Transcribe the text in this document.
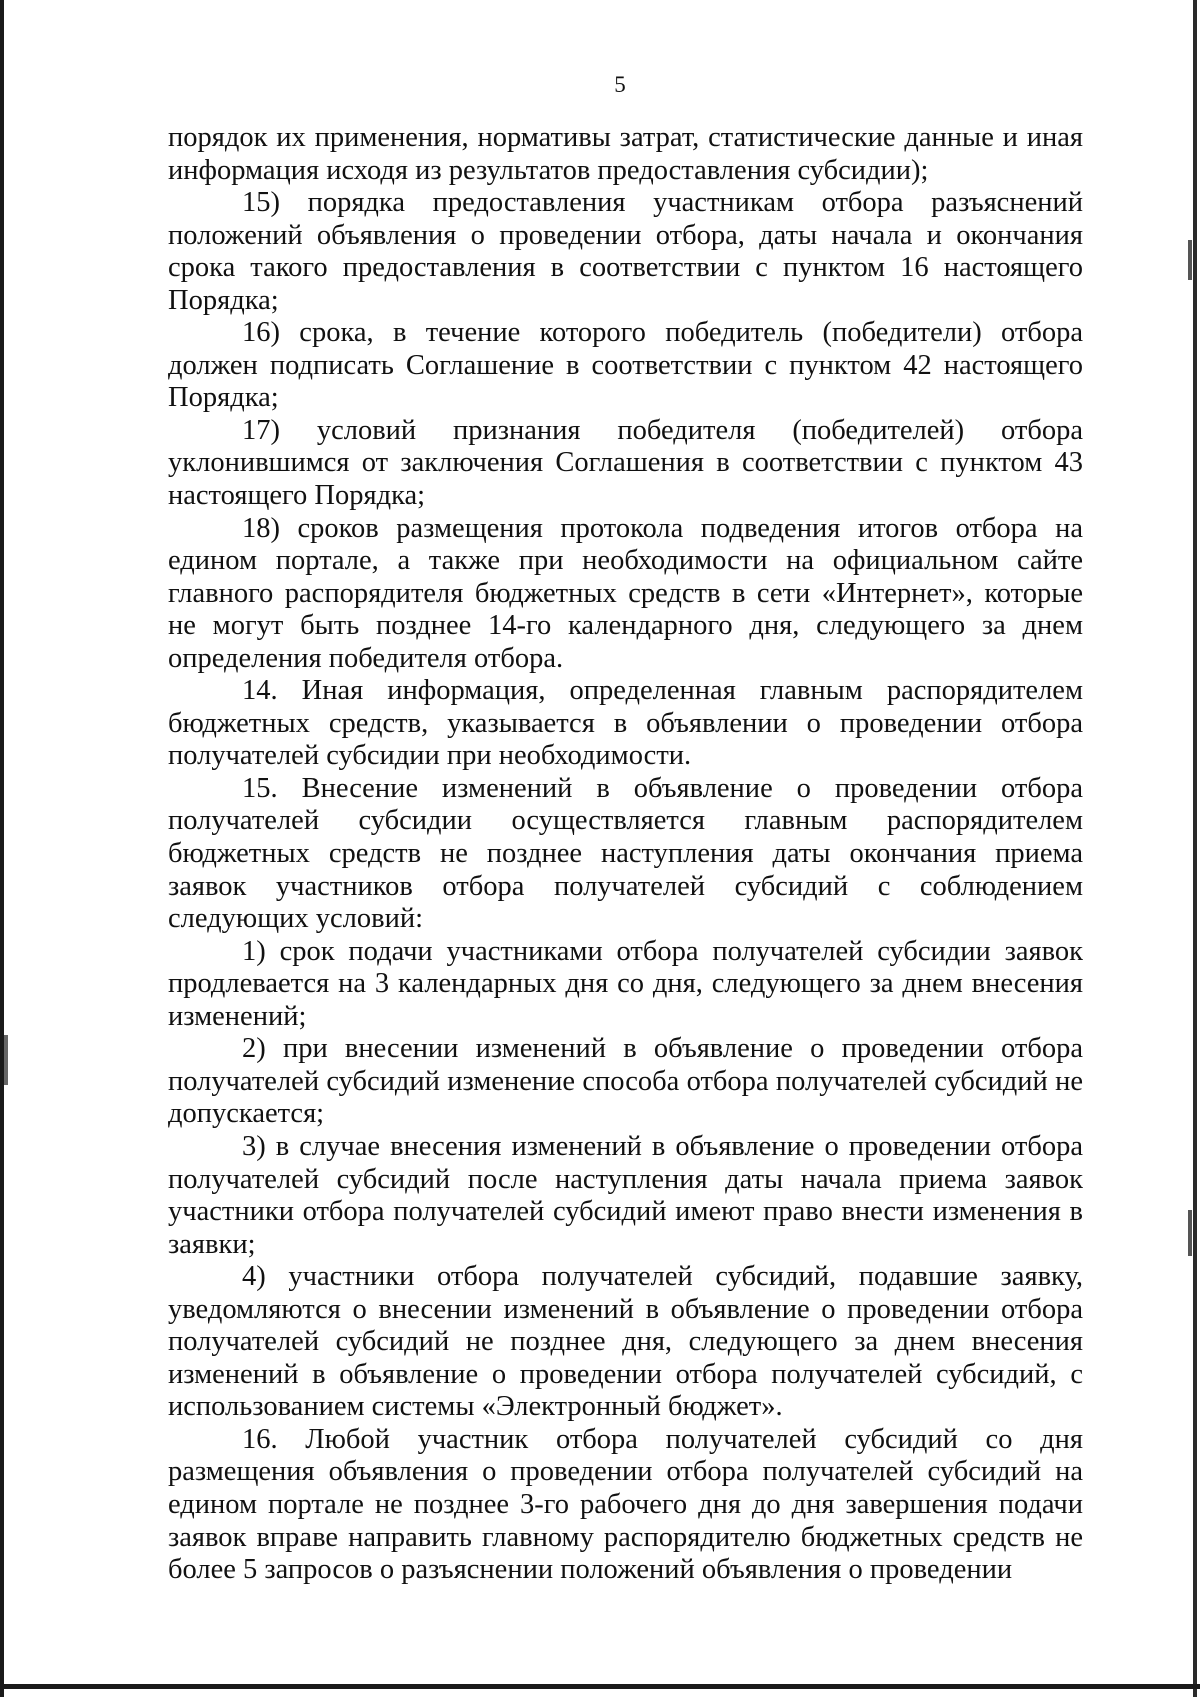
5

порядок их применения, нормативы затрат, статистические данные и иная информация исходя из результатов предоставления субсидии);

15) порядка предоставления участникам отбора разъяснений положений объявления о проведении отбора, даты начала и окончания срока такого предоставления в соответствии с пунктом 16 настоящего Порядка;

16) срока, в течение которого победитель (победители) отбора должен подписать Соглашение в соответствии с пунктом 42 настоящего Порядка;

17) условий признания победителя (победителей) отбора уклонившимся от заключения Соглашения в соответствии с пунктом 43 настоящего Порядка;

18) сроков размещения протокола подведения итогов отбора на едином портале, а также при необходимости на официальном сайте главного распорядителя бюджетных средств в сети «Интернет», которые не могут быть позднее 14-го календарного дня, следующего за днем определения победителя отбора.

14. Иная информация, определенная главным распорядителем бюджетных средств, указывается в объявлении о проведении отбора получателей субсидии при необходимости.

15. Внесение изменений в объявление о проведении отбора получателей субсидии осуществляется главным распорядителем бюджетных средств не позднее наступления даты окончания приема заявок участников отбора получателей субсидий с соблюдением следующих условий:

1) срок подачи участниками отбора получателей субсидии заявок продлевается на 3 календарных дня со дня, следующего за днем внесения изменений;

2) при внесении изменений в объявление о проведении отбора получателей субсидий изменение способа отбора получателей субсидий не допускается;

3) в случае внесения изменений в объявление о проведении отбора получателей субсидий после наступления даты начала приема заявок участники отбора получателей субсидий имеют право внести изменения в заявки;

4) участники отбора получателей субсидий, подавшие заявку, уведомляются о внесении изменений в объявление о проведении отбора получателей субсидий не позднее дня, следующего за днем внесения изменений в объявление о проведении отбора получателей субсидий, с использованием системы «Электронный бюджет».

16. Любой участник отбора получателей субсидий со дня размещения объявления о проведении отбора получателей субсидий на едином портале не позднее 3-го рабочего дня до дня завершения подачи заявок вправе направить главному распорядителю бюджетных средств не более 5 запросов о разъяснении положений объявления о проведении
